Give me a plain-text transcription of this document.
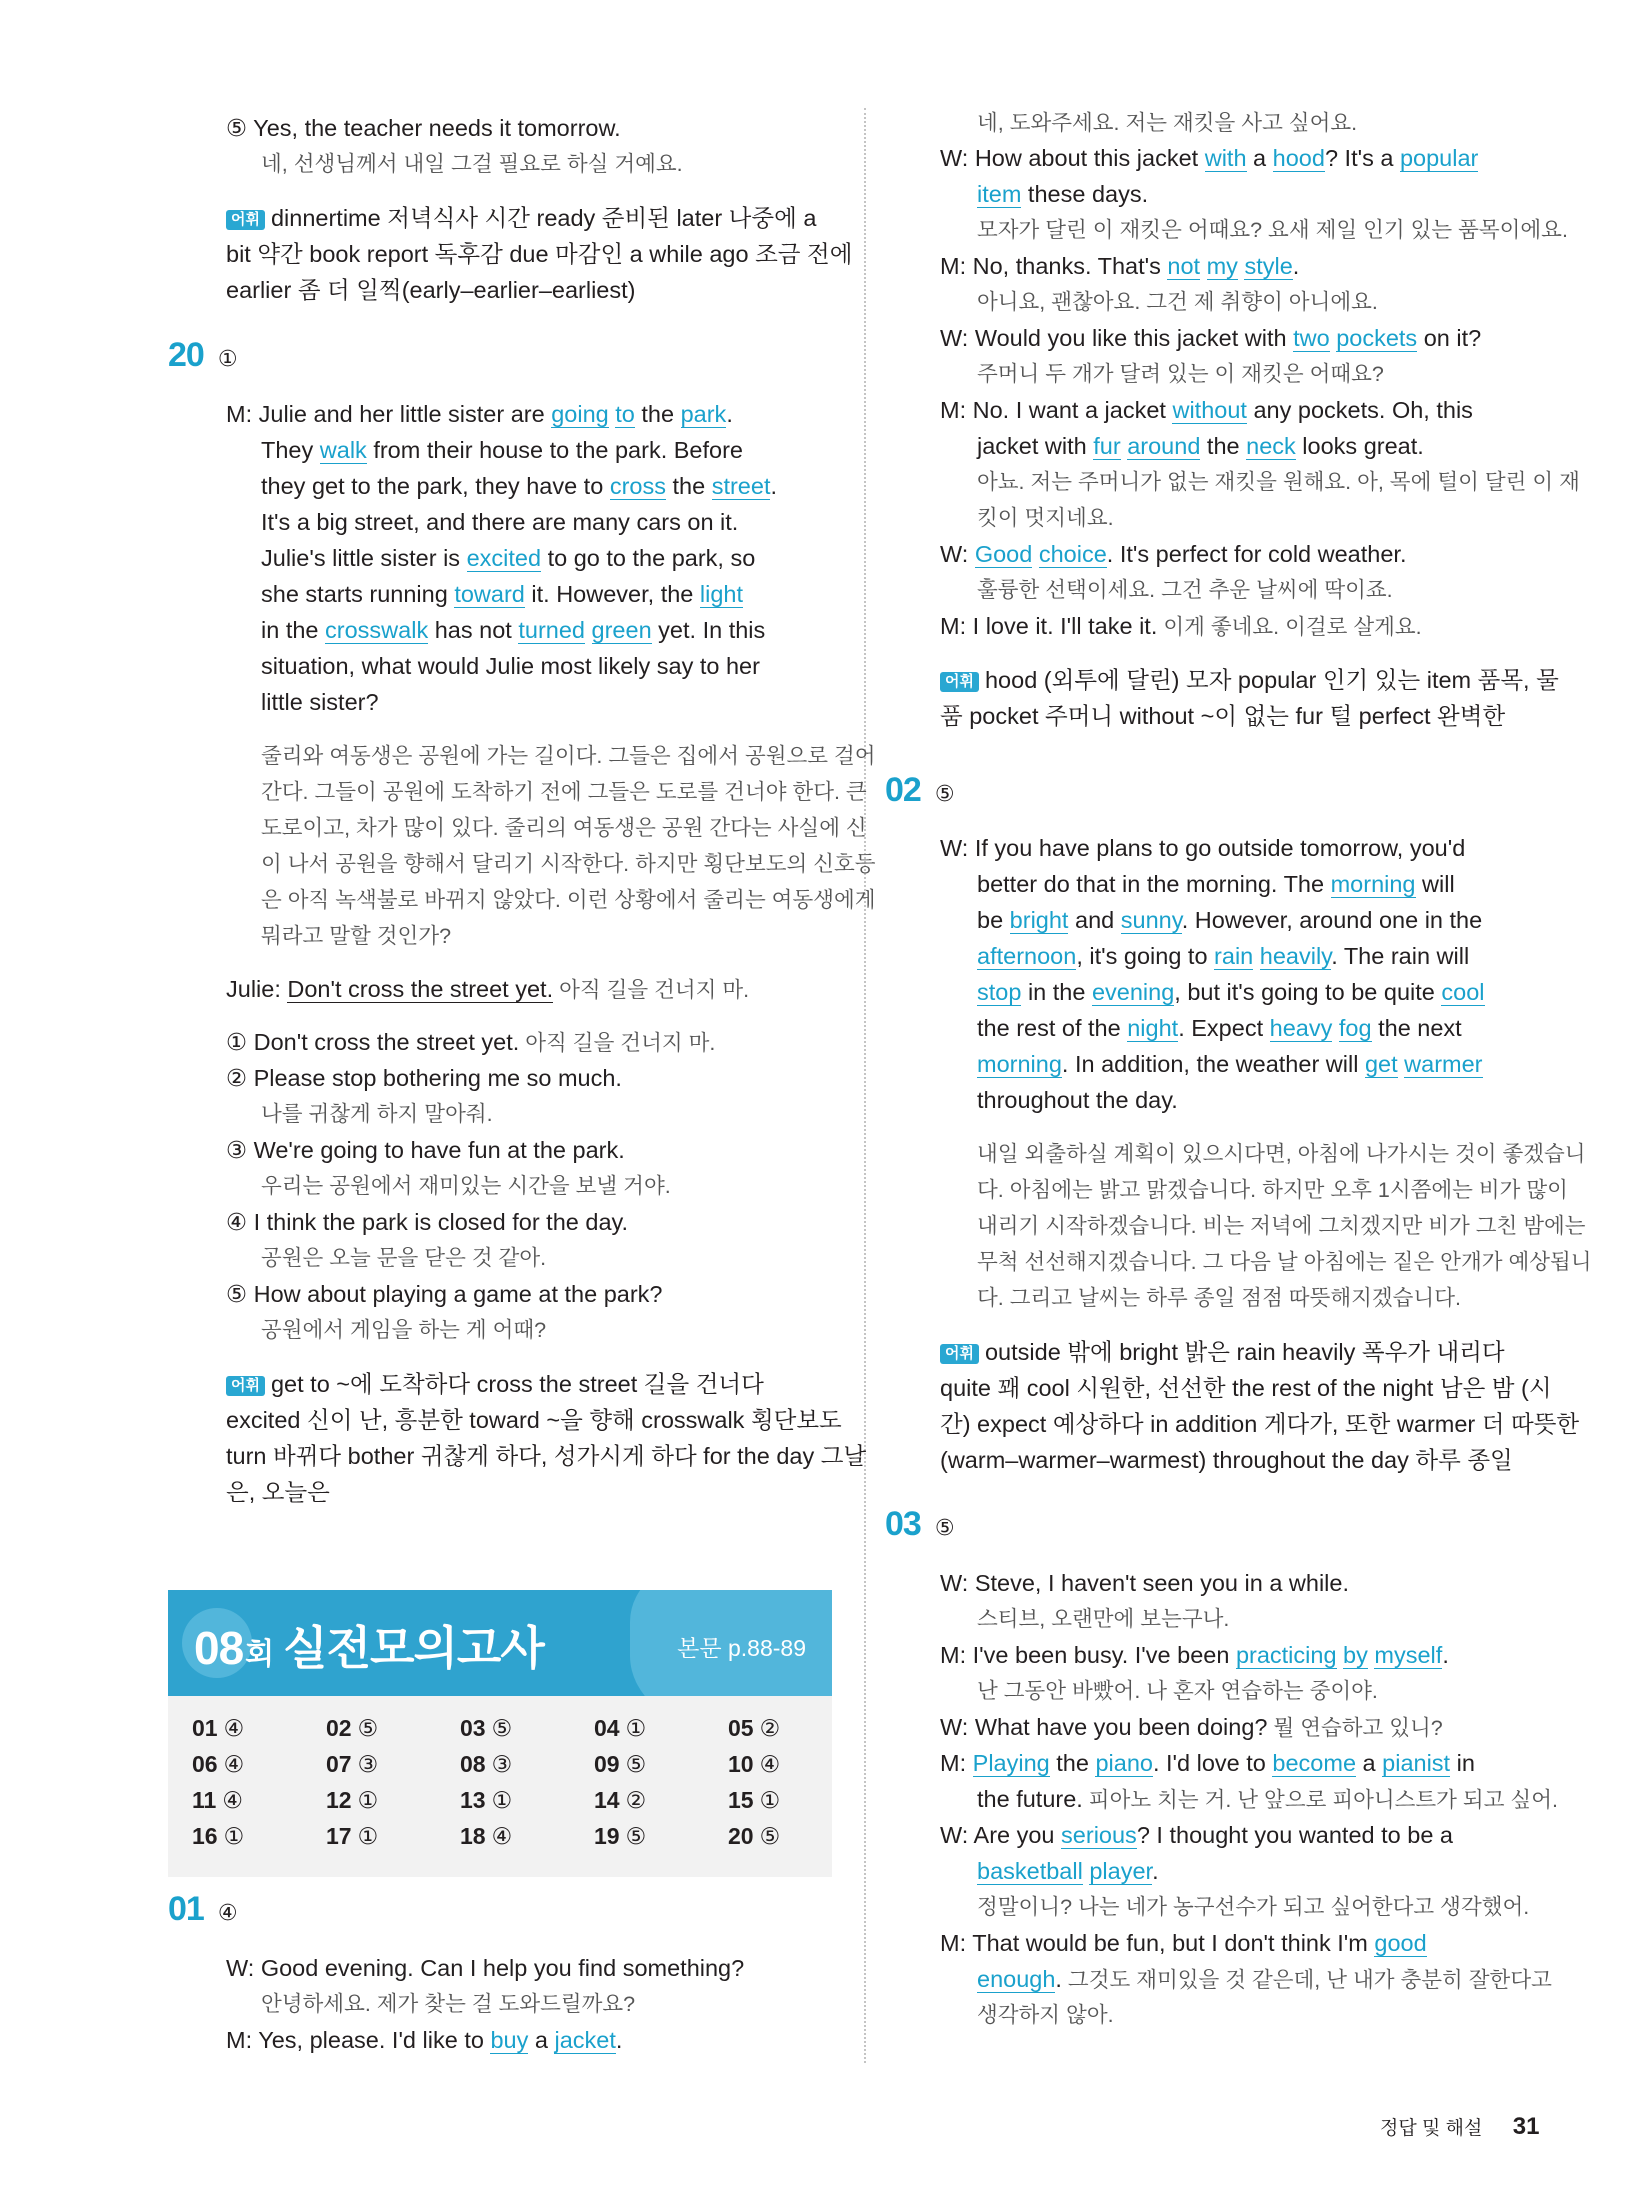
⑤ Yes, the teacher needs it tomorrow.
네, 선생님께서 내일 그걸 필요로 하실 거예요.
어휘 dinnertime 저녁식사 시간 ready 준비된 later 나중에 a
bit 약간 book report 독후감 due 마감인 a while ago 조금 전에
earlier 좀 더 일찍(early–earlier–earliest)
20 ①
M: Julie and her little sister are going to the park.
They walk from their house to the park. Before
they get to the park, they have to cross the street.
It's a big street, and there are many cars on it.
Julie's little sister is excited to go to the park, so
she starts running toward it. However, the light
in the crosswalk has not turned green yet. In this
situation, what would Julie most likely say to her
little sister?
줄리와 여동생은 공원에 가는 길이다. 그들은 집에서 공원으로 걸어
간다. 그들이 공원에 도착하기 전에 그들은 도로를 건너야 한다. 큰
도로이고, 차가 많이 있다. 줄리의 여동생은 공원 간다는 사실에 신
이 나서 공원을 향해서 달리기 시작한다. 하지만 횡단보도의 신호등
은 아직 녹색불로 바뀌지 않았다. 이런 상황에서 줄리는 여동생에게
뭐라고 말할 것인가?
Julie: Don't cross the street yet. 아직 길을 건너지 마.
① Don't cross the street yet. 아직 길을 건너지 마.
② Please stop bothering me so much.
나를 귀찮게 하지 말아줘.
③ We're going to have fun at the park.
우리는 공원에서 재미있는 시간을 보낼 거야.
④ I think the park is closed for the day.
공원은 오늘 문을 닫은 것 같아.
⑤ How about playing a game at the park?
공원에서 게임을 하는 게 어때?
어휘 get to ~에 도착하다 cross the street 길을 건너다
excited 신이 난, 흥분한 toward ~을 향해 crosswalk 횡단보도
turn 바뀌다 bother 귀찮게 하다, 성가시게 하다 for the day 그날
은, 오늘은
08회 실전모의고사	본문 p.88-89
01 ④	02 ⑤	03 ⑤	04 ①	05 ②
06 ④	07 ③	08 ③	09 ⑤	10 ④
11 ④	12 ①	13 ①	14 ②	15 ①
16 ①	17 ①	18 ④	19 ⑤	20 ⑤
01 ④
W: Good evening. Can I help you find something?
안녕하세요. 제가 찾는 걸 도와드릴까요?
M: Yes, please. I'd like to buy a jacket.
네, 도와주세요. 저는 재킷을 사고 싶어요.
W: How about this jacket with a hood? It's a popular
item these days.
모자가 달린 이 재킷은 어때요? 요새 제일 인기 있는 품목이에요.
M: No, thanks. That's not my style.
아니요, 괜찮아요. 그건 제 취향이 아니에요.
W: Would you like this jacket with two pockets on it?
주머니 두 개가 달려 있는 이 재킷은 어때요?
M: No. I want a jacket without any pockets. Oh, this
jacket with fur around the neck looks great.
아뇨. 저는 주머니가 없는 재킷을 원해요. 아, 목에 털이 달린 이 재
킷이 멋지네요.
W: Good choice. It's perfect for cold weather.
훌륭한 선택이세요. 그건 추운 날씨에 딱이죠.
M: I love it. I'll take it. 이게 좋네요. 이걸로 살게요.
어휘 hood (외투에 달린) 모자 popular 인기 있는 item 품목, 물
품 pocket 주머니 without ~이 없는 fur 털 perfect 완벽한
02 ⑤
W: If you have plans to go outside tomorrow, you'd
better do that in the morning. The morning will
be bright and sunny. However, around one in the
afternoon, it's going to rain heavily. The rain will
stop in the evening, but it's going to be quite cool
the rest of the night. Expect heavy fog the next
morning. In addition, the weather will get warmer
throughout the day.
내일 외출하실 계획이 있으시다면, 아침에 나가시는 것이 좋겠습니
다. 아침에는 밝고 맑겠습니다. 하지만 오후 1시쯤에는 비가 많이
내리기 시작하겠습니다. 비는 저녁에 그치겠지만 비가 그친 밤에는
무척 선선해지겠습니다. 그 다음 날 아침에는 짙은 안개가 예상됩니
다. 그리고 날씨는 하루 종일 점점 따뜻해지겠습니다.
어휘 outside 밖에 bright 밝은 rain heavily 폭우가 내리다
quite 꽤 cool 시원한, 선선한 the rest of the night 남은 밤 (시
간) expect 예상하다 in addition 게다가, 또한 warmer 더 따뜻한
(warm–warmer–warmest) throughout the day 하루 종일
03 ⑤
W: Steve, I haven't seen you in a while.
스티브, 오랜만에 보는구나.
M: I've been busy. I've been practicing by myself.
난 그동안 바빴어. 나 혼자 연습하는 중이야.
W: What have you been doing? 뭘 연습하고 있니?
M: Playing the piano. I'd love to become a pianist in
the future. 피아노 치는 거. 난 앞으로 피아니스트가 되고 싶어.
W: Are you serious? I thought you wanted to be a
basketball player.
정말이니? 나는 네가 농구선수가 되고 싶어한다고 생각했어.
M: That would be fun, but I don't think I'm good
enough. 그것도 재미있을 것 같은데, 난 내가 충분히 잘한다고
생각하지 않아.
정답 및 해설 31
